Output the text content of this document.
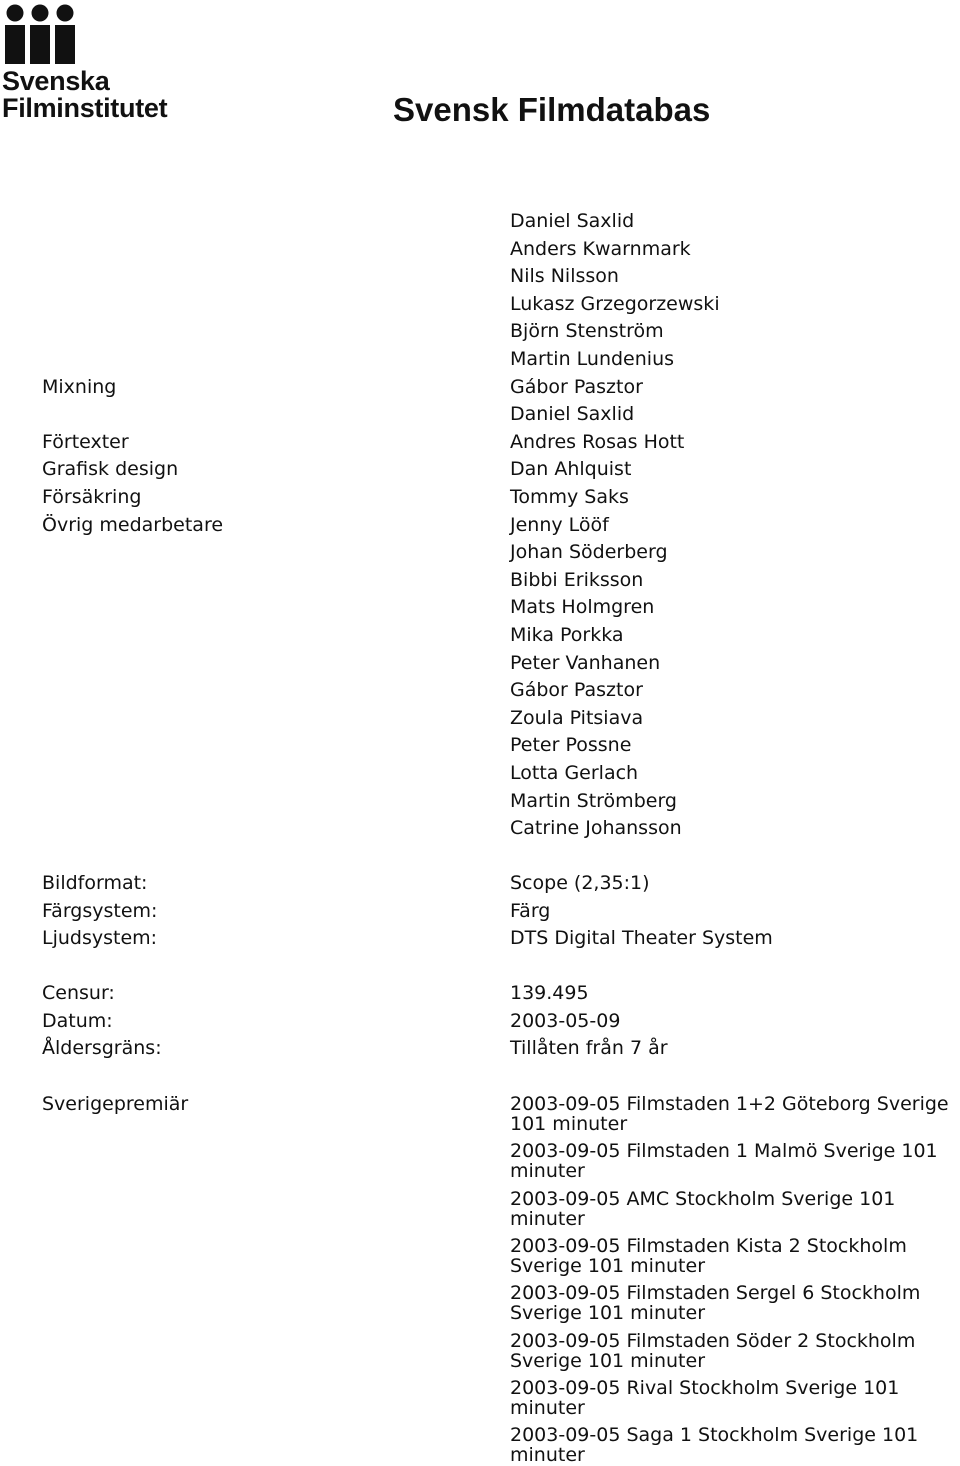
Svenska
Filminstitutet	Svensk Filmdatabas
Daniel Saxlid
Anders Kwarnmark
Nils Nilsson
Lukasz Grzegorzewski
Björn Stenström
Martin Lundenius
Mixning	Gábor Pasztor
Daniel Saxlid
Förtexter	Andres Rosas Hott
Grafisk design	Dan Ahlquist
Försäkring	Tommy Saks
Övrig medarbetare	Jenny Lööf
Johan Söderberg
Bibbi Eriksson
Mats Holmgren
Mika Porkka
Peter Vanhanen
Gábor Pasztor
Zoula Pitsiava
Peter Possne
Lotta Gerlach
Martin Strömberg
Catrine Johansson
Bildformat:	Scope (2,35:1)
Färgsystem:	Färg
Ljudsystem:	DTS Digital Theater System
Censur:	139.495
Datum:	2003-05-09
Åldersgräns:	Tillåten från 7 år
Sverigepremiär	2003-09-05 Filmstaden 1+2 Göteborg Sverige 101 minuter
2003-09-05 Filmstaden 1 Malmö Sverige 101 minuter
2003-09-05 AMC Stockholm Sverige 101 minuter
2003-09-05 Filmstaden Kista 2 Stockholm Sverige 101 minuter
2003-09-05 Filmstaden Sergel 6 Stockholm Sverige 101 minuter
2003-09-05 Filmstaden Söder 2 Stockholm Sverige 101 minuter
2003-09-05 Rival Stockholm Sverige 101 minuter
2003-09-05 Saga 1 Stockholm Sverige 101 minuter
